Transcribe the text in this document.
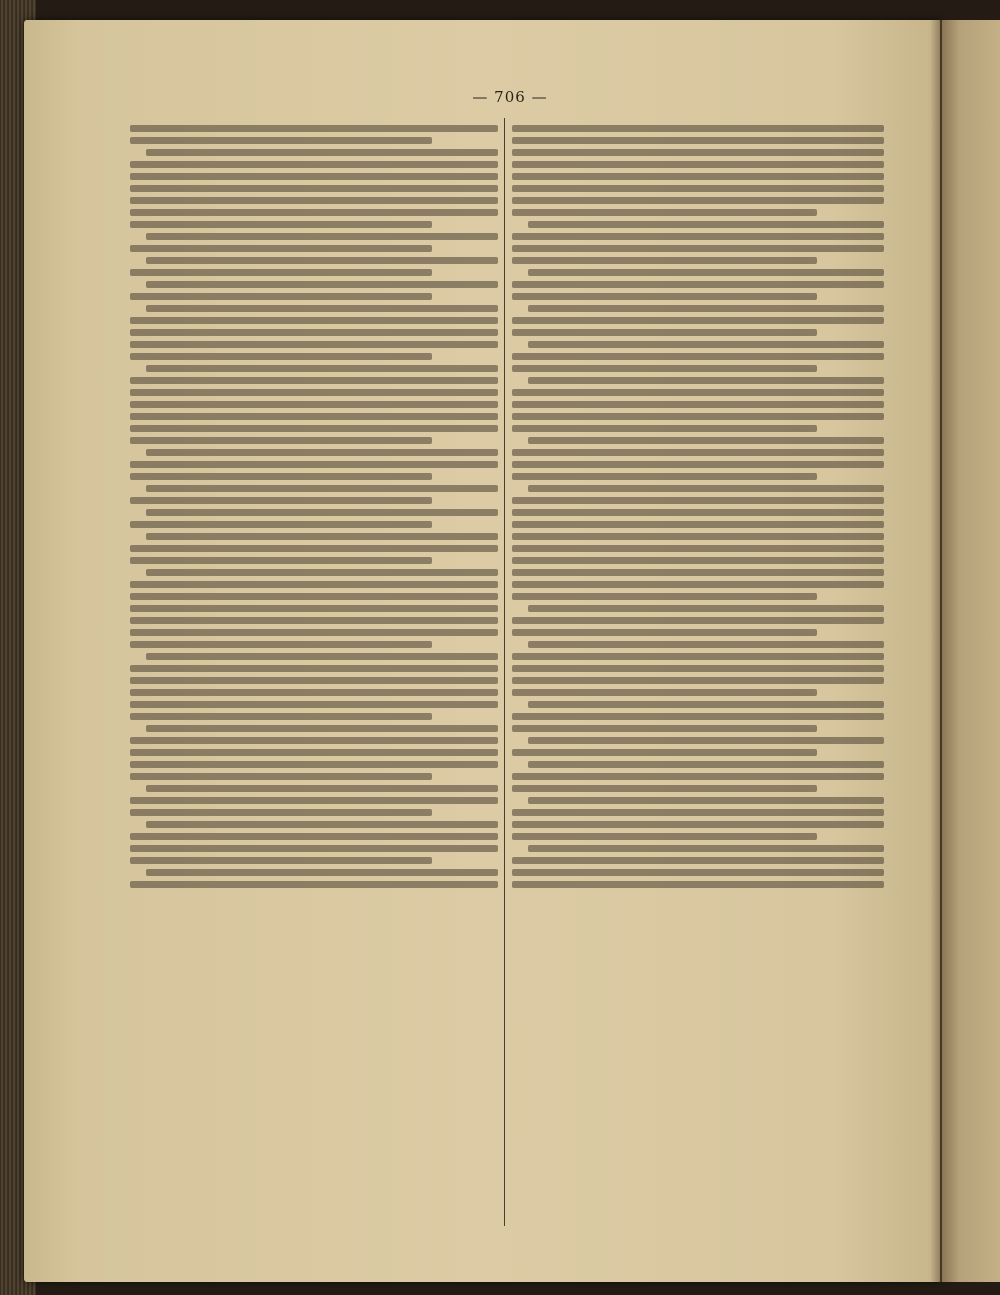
— 706 —
